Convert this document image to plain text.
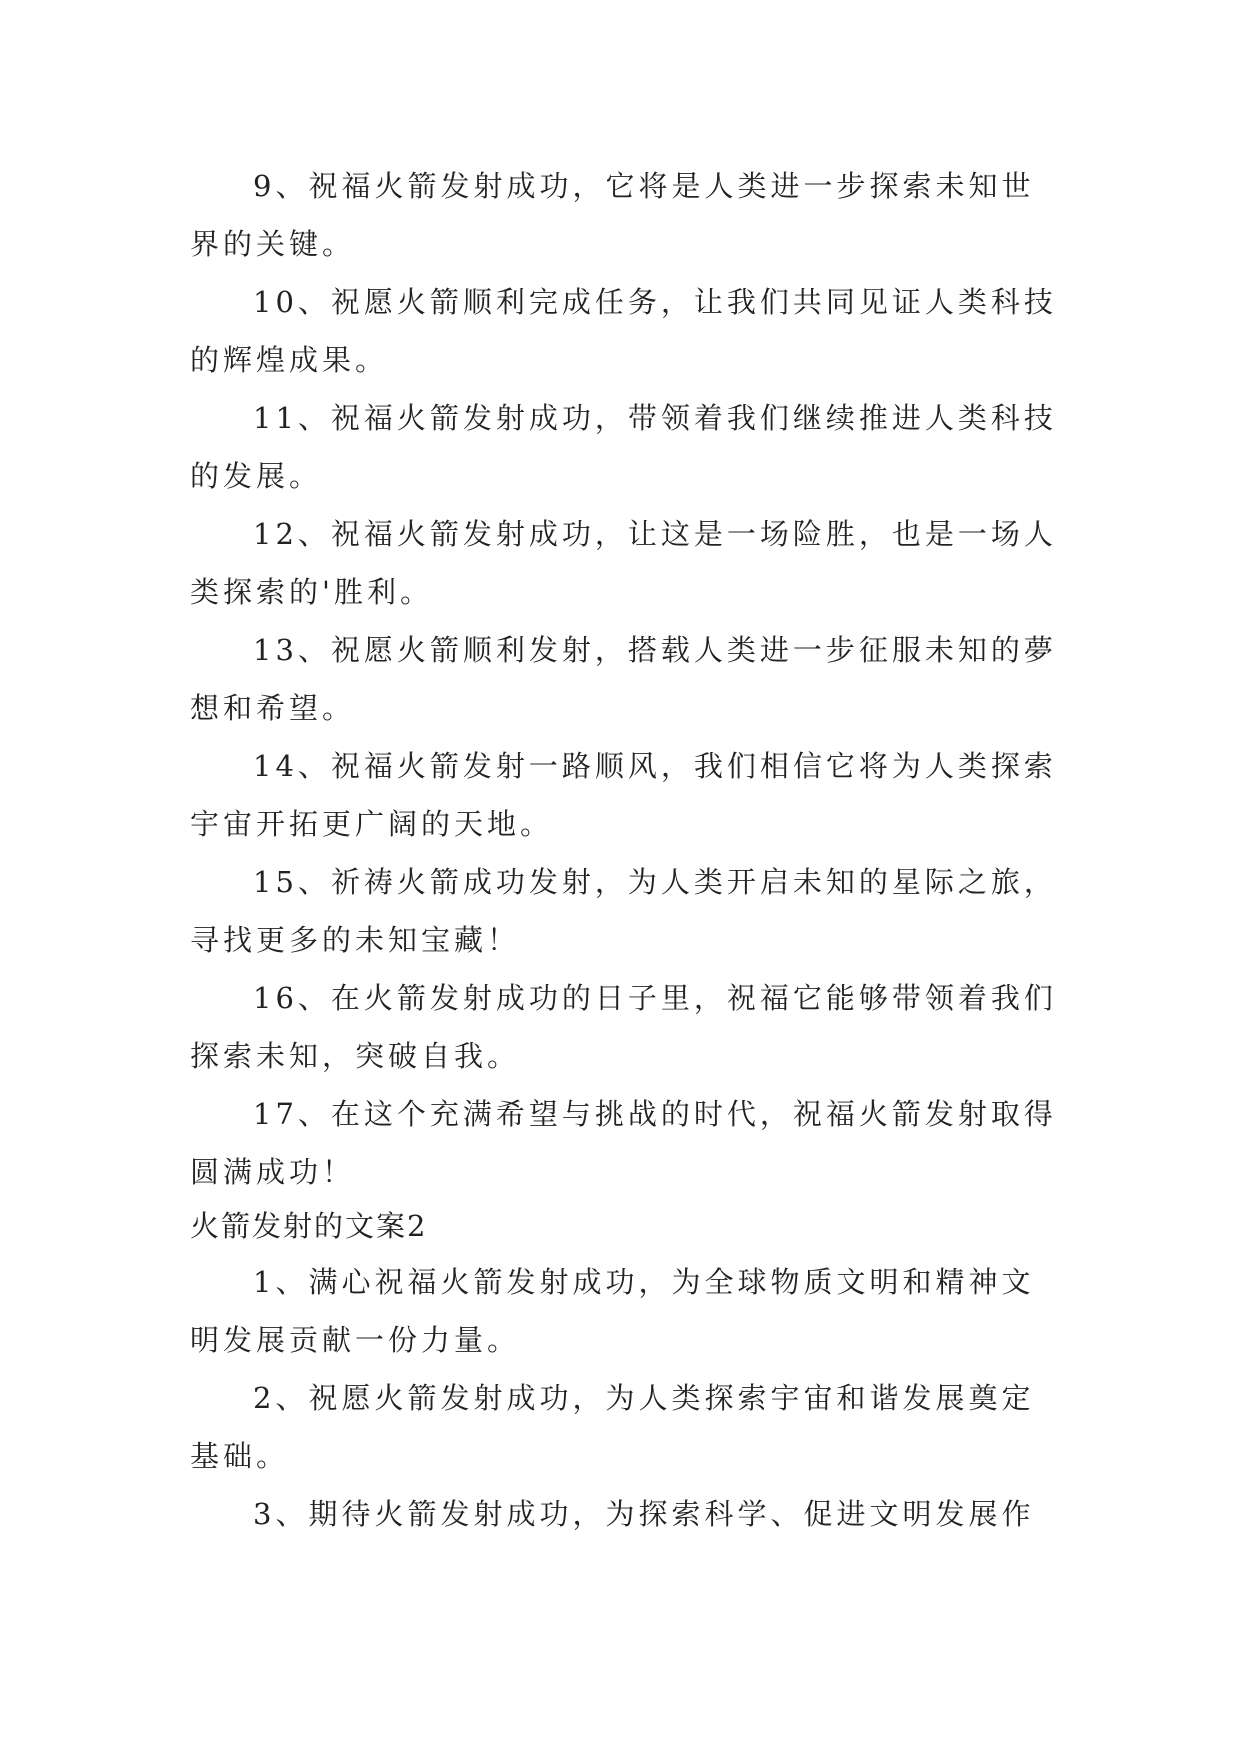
9、祝福火箭发射成功，它将是人类进一步探索未知世
界的关键。
10、祝愿火箭顺利完成任务，让我们共同见证人类科技
的辉煌成果。
11、祝福火箭发射成功，带领着我们继续推进人类科技
的发展。
12、祝福火箭发射成功，让这是一场险胜，也是一场人
类探索的'胜利。
13、祝愿火箭顺利发射，搭载人类进一步征服未知的夢
想和希望。
14、祝福火箭发射一路顺风，我们相信它将为人类探索
宇宙开拓更广阔的天地。
15、祈祷火箭成功发射，为人类开启未知的星际之旅，
寻找更多的未知宝藏！
16、在火箭发射成功的日子里，祝福它能够带领着我们
探索未知，突破自我。
17、在这个充满希望与挑战的时代，祝福火箭发射取得
圆满成功！
火箭发射的文案2
1、满心祝福火箭发射成功，为全球物质文明和精神文
明发展贡献一份力量。
2、祝愿火箭发射成功，为人类探索宇宙和谐发展奠定
基础。
3、期待火箭发射成功，为探索科学、促进文明发展作
